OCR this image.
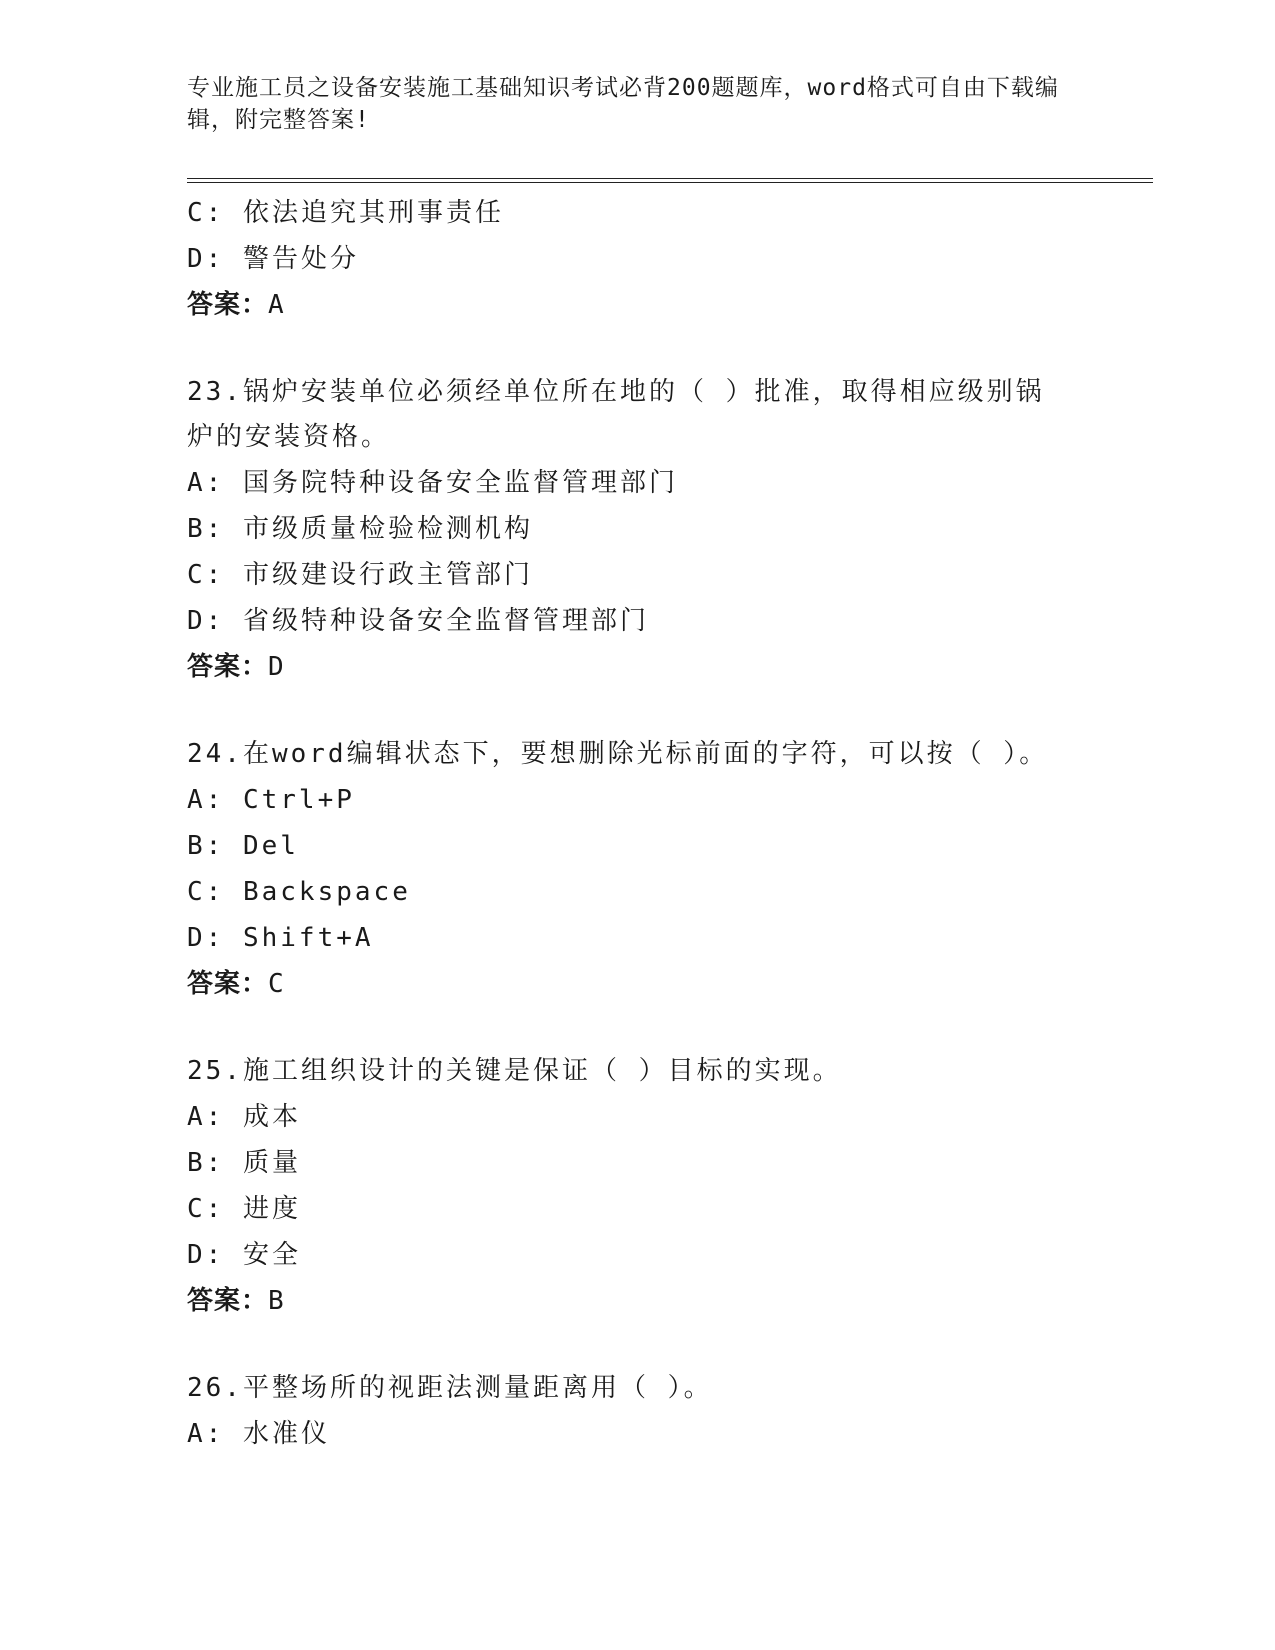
专业施工员之设备安装施工基础知识考试必背200题题库，word格式可自由下载编辑，附完整答案!
C: 依法追究其刑事责任
D: 警告处分
答案：A
23.锅炉安装单位必须经单位所在地的（ ）批准，取得相应级别锅炉的安装资格。
A: 国务院特种设备安全监督管理部门
B: 市级质量检验检测机构
C: 市级建设行政主管部门
D: 省级特种设备安全监督管理部门
答案：D
24.在word编辑状态下，要想删除光标前面的字符，可以按（ ）。
A: Ctrl+P
B: Del
C: Backspace
D: Shift+A
答案：C
25.施工组织设计的关键是保证（ ）目标的实现。
A: 成本
B: 质量
C: 进度
D: 安全
答案：B
26.平整场所的视距法测量距离用（ ）。
A: 水准仪
